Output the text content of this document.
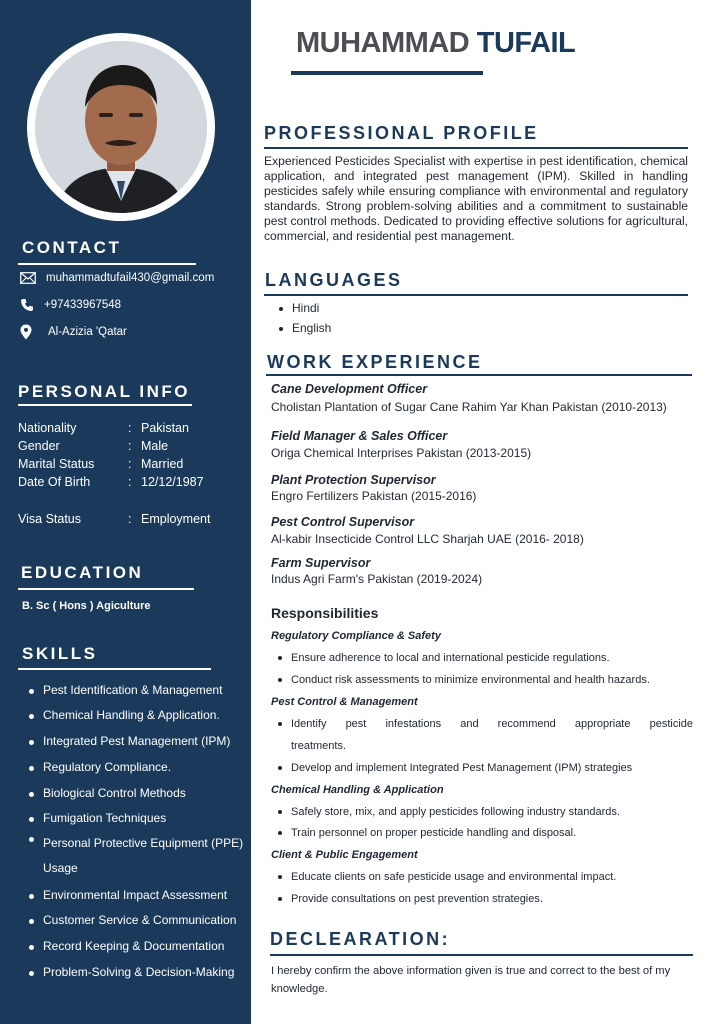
CONTACT
muhammadtufail430@gmail.com
+97433967548
Al-Azizia 'Qatar
PERSONAL INFO
Nationality	: Pakistan
Gender	: Male
Marital Status	: Married
Date Of Birth	: 12/12/1987
Visa Status	: Employment
EDUCATION
B. Sc ( Hons ) Agiculture
SKILLS
Pest Identification & Management
Chemical Handling & Application.
Integrated Pest Management (IPM)
Regulatory Compliance.
Biological Control Methods
Fumigation Techniques
Personal Protective Equipment (PPE) Usage
Environmental Impact Assessment
Customer Service & Communication
Record Keeping & Documentation
Problem-Solving & Decision-Making
MUHAMMAD TUFAIL
PROFESSIONAL PROFILE
Experienced Pesticides Specialist with expertise in pest identification, chemical application, and integrated pest management (IPM). Skilled in handling pesticides safely while ensuring compliance with environmental and regulatory standards. Strong problem-solving abilities and a commitment to sustainable pest control methods. Dedicated to providing effective solutions for agricultural, commercial, and residential pest management.
LANGUAGES
Hindi
English
WORK EXPERIENCE
Cane Development Officer
Cholistan Plantation of Sugar Cane Rahim Yar Khan Pakistan (2010-2013)
Field Manager & Sales Officer
Origa Chemical Interprises Pakistan (2013-2015)
Plant Protection Supervisor
Engro Fertilizers Pakistan (2015-2016)
Pest Control Supervisor
Al-kabir Insecticide Control LLC Sharjah UAE (2016- 2018)
Farm Supervisor
Indus Agri Farm's Pakistan (2019-2024)
Responsibilities
Regulatory Compliance & Safety
Ensure adherence to local and international pesticide regulations.
Conduct risk assessments to minimize environmental and health hazards.
Pest Control & Management
Identify pest infestations and recommend appropriate pesticide
treatments.
Develop and implement Integrated Pest Management (IPM) strategies
Chemical Handling & Application
Safely store, mix, and apply pesticides following industry standards.
Train personnel on proper pesticide handling and disposal.
Client & Public Engagement
Educate clients on safe pesticide usage and environmental impact.
Provide consultations on pest prevention strategies.
DECLEARATION:
I hereby confirm the above information given is true and correct to the best of my knowledge.
